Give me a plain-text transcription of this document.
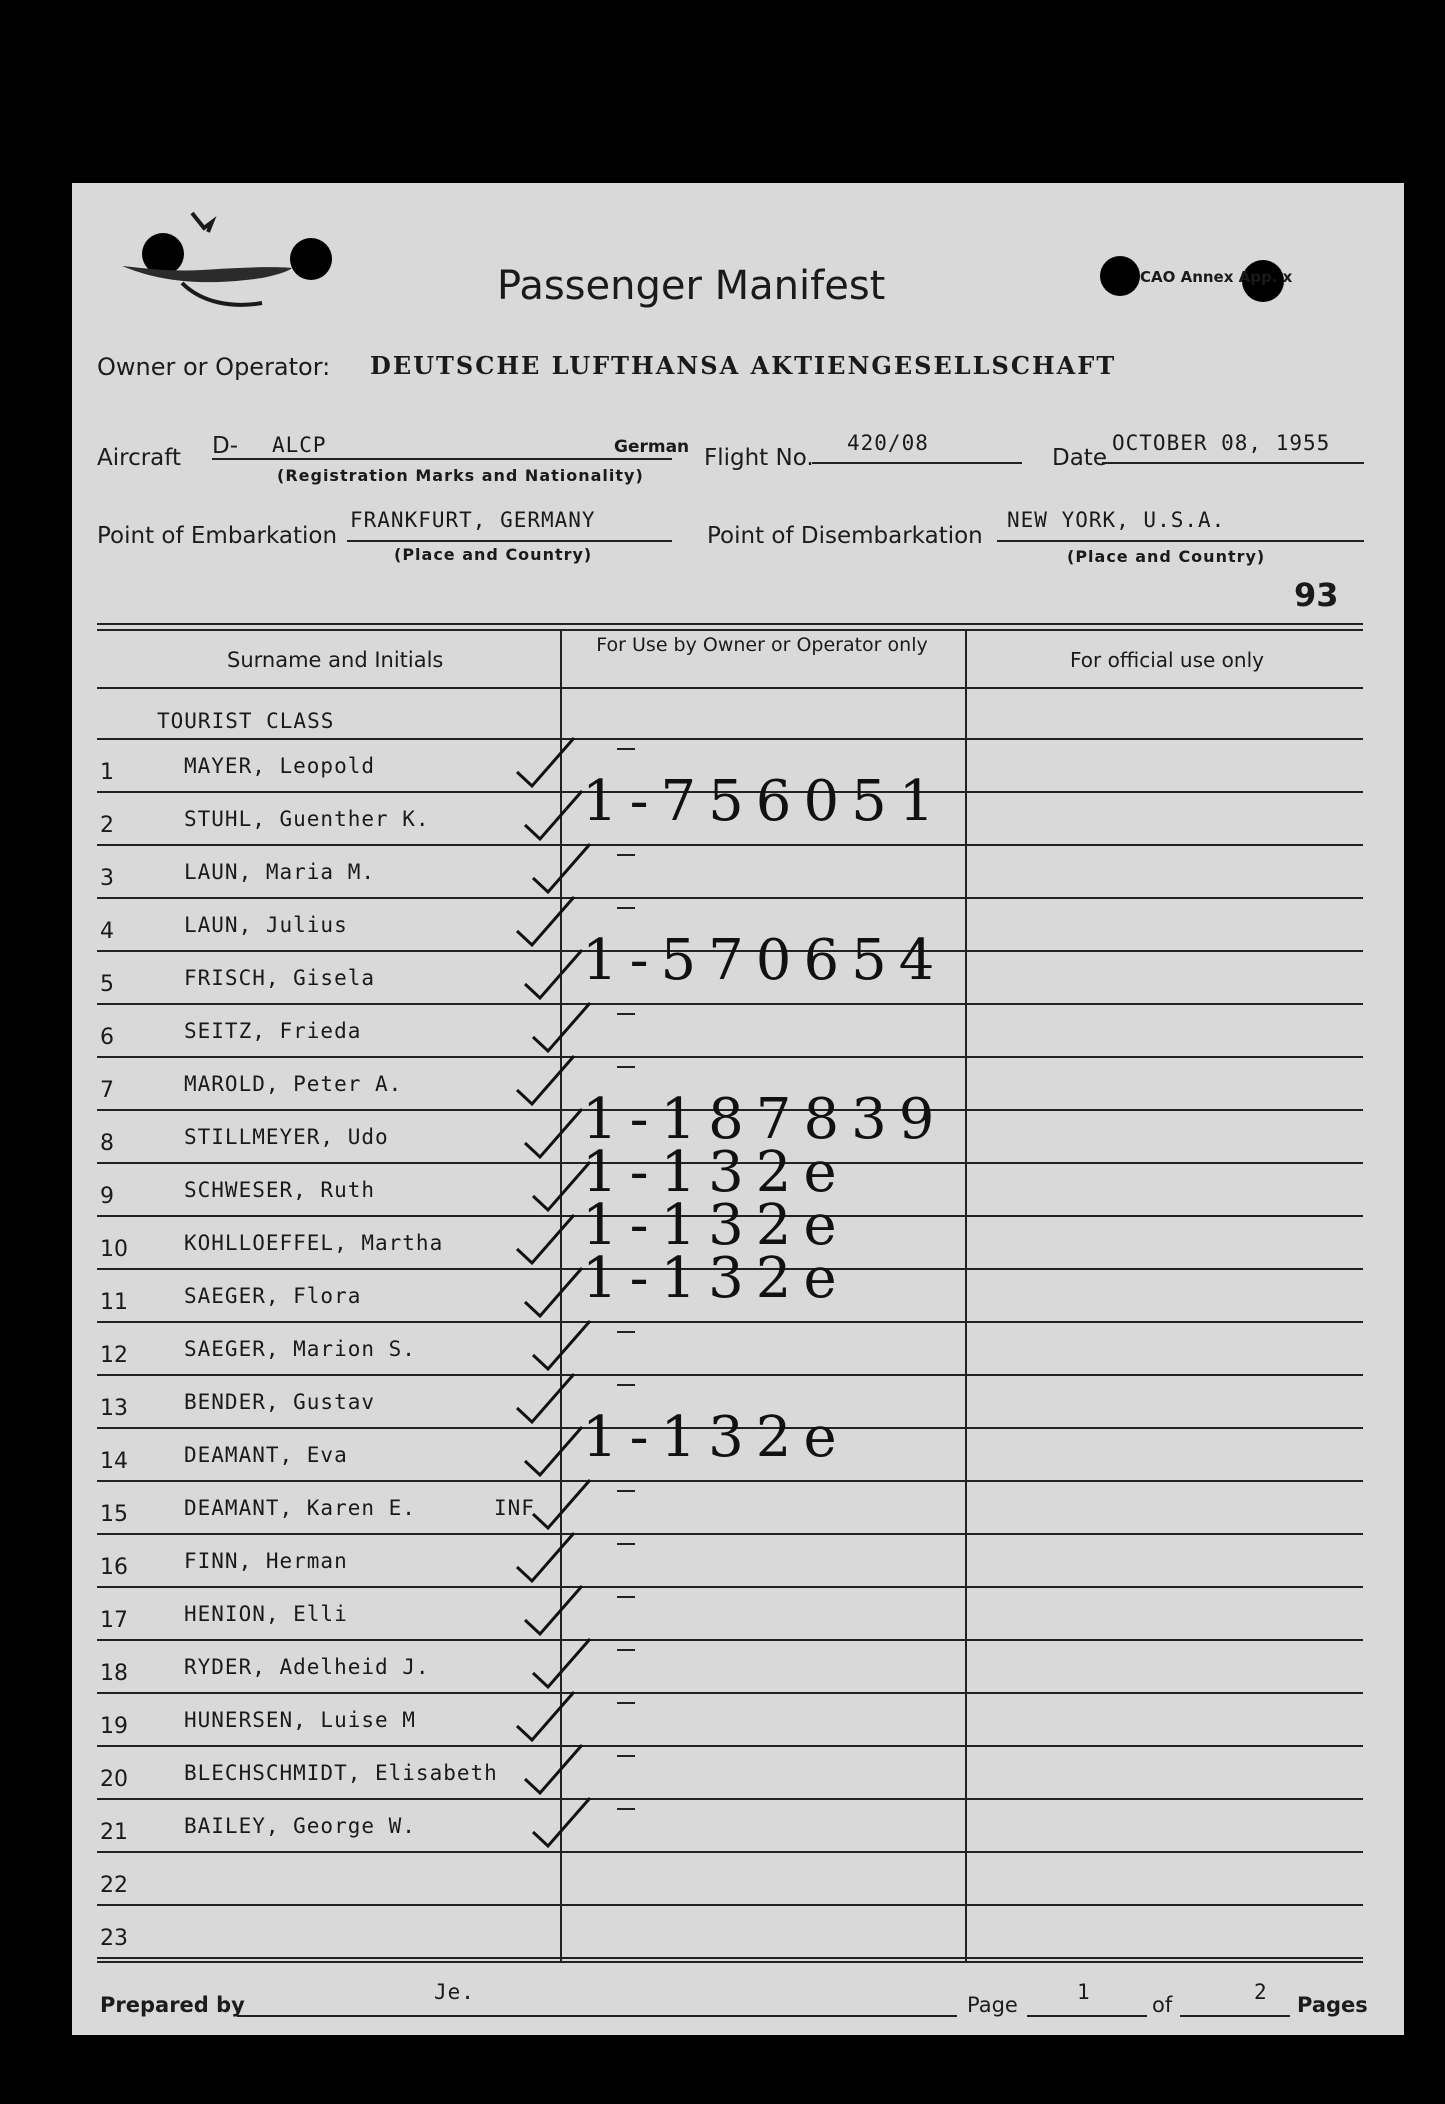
Passenger Manifest	CAO Annex App. x
Owner or Operator: DEUTSCHE LUFTHANSA AKTIENGESELLSCHAFT
Aircraft D- ALCP	German
(Registration Marks and Nationality)
Flight No.
420/08
Date
OCTOBER 08, 1955
Point of Embarkation
FRANKFURT, GERMANY
(Place and Country)
Point of Disembarkation
NEW YORK, U.S.A.
(Place and Country)
93
Surname and Initials
For Use by Owner or Operator only
For official use only
TOURIST CLASS
1	MAYER, Leopold
2	STUHL, Guenther K.	1-756051
3	LAUN, Maria M.
4	LAUN, Julius
5	FRISCH, Gisela	1-570654
6	SEITZ, Frieda
7	MAROLD, Peter A.
8	STILLMEYER, Udo	1-187839
9	SCHWESER, Ruth	1-132e
10	KOHLLOEFFEL, Martha 1-132e
11	SAEGER, Flora	1-132e
12	SAEGER, Marion S.
13	BENDER, Gustav
14	DEAMANT, Eva	1-132e
15	DEAMANT, Karen E.	INF
16	FINN, Herman
17	HENION, Elli
18	RYDER, Adelheid J.
19	HUNERSEN, Luise M
20	BLECHSCHMIDT, Elisabeth
21	BAILEY, George W.
22
23
Prepared by
Je.
Page
1
of
2
Pages
